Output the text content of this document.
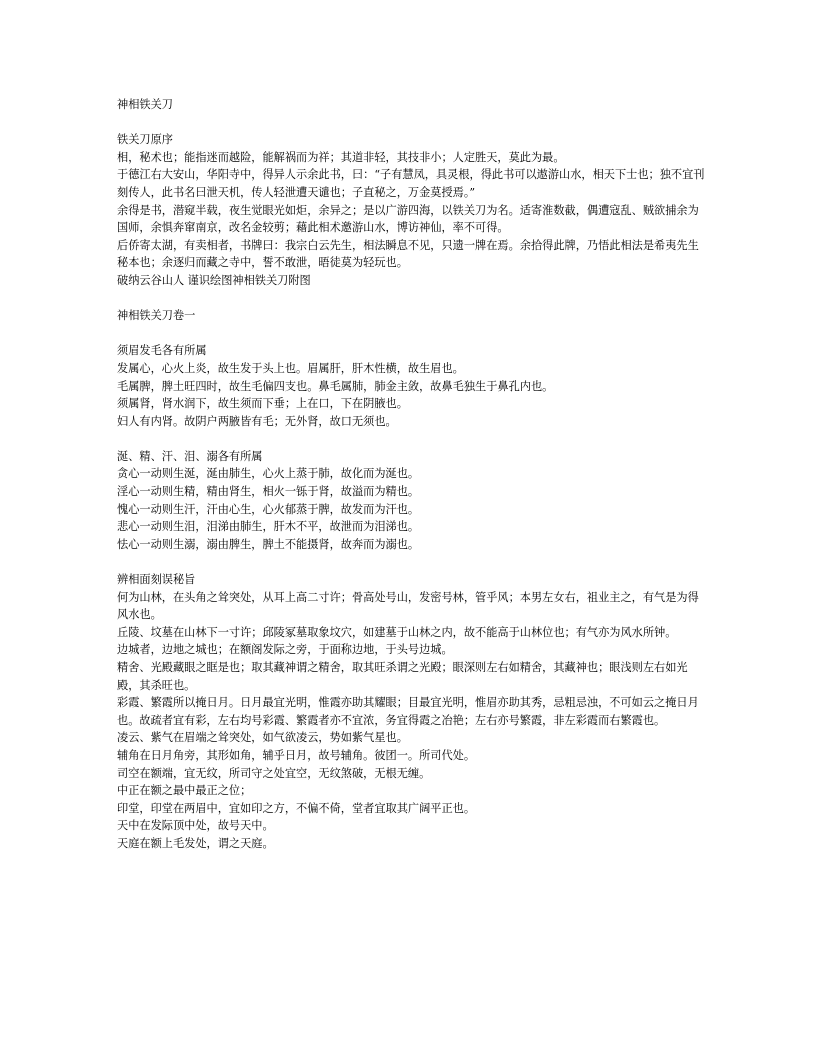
神相铁关刀

铁关刀原序
相，秘术也；能指迷而越险，能解祸而为祥；其道非轻，其技非小；人定胜天，莫此为最。
于德江右大安山，华阳寺中，得异人示余此书，曰：“子有慧凤，具灵根，得此书可以遨游山水，相天下士也；独不宜刊刻传人，此书名曰泄天机，传人轻泄遭天谴也；子直秘之，万金莫授焉。”
余得是书，潜窥半载，夜生觉眼光如炬，余异之；是以广游四海，以铁关刀为名。适寄淮数截，偶遭寇乱、贼欲捕余为国师，余惧奔窜南京，改名金较剪；藉此相术邀游山水，博访神仙，率不可得。
后侨寄太湖，有卖相者，书牌曰：我宗白云先生，相法瞬息不见，只遗一牌在焉。余拾得此牌，乃悟此相法是希夷先生秘本也；余逐归而藏之寺中，誓不敢泄，晤徒莫为轻玩也。
破纳云谷山人 谨识绘图神相铁关刀附图

神相铁关刀卷一

须眉发毛各有所属
发属心，心火上炎，故生发于头上也。眉属肝，肝木性横，故生眉也。
毛属脾，脾土旺四时，故生毛偏四支也。鼻毛属肺，肺金主敛，故鼻毛独生于鼻孔内也。
须属肾，肾水润下，故生须而下垂；上在口，下在阴腋也。
妇人有内肾。故阴户两腋皆有毛；无外肾，故口无须也。

涎、精、汗、泪、溺各有所属
贪心一动则生涎，涎由肺生，心火上蒸于肺，故化而为涎也。
淫心一动则生精，精由肾生，相火一铄于肾，故溢而为精也。
愧心一动则生汗，汗由心生，心火郁蒸于脾，故发而为汗也。
悲心一动则生泪，泪涕由肺生，肝木不平，故泄而为泪涕也。
怯心一动则生溺，溺由脾生，脾土不能摄肾，故奔而为溺也。

辨相面刻误秘旨
何为山林，在头角之耸突处，从耳上高二寸许；骨高处号山，发密号林，管乎风；本男左女右，祖业主之，有气是为得风水也。
丘陵、坟墓在山林下一寸许；邱陵冢墓取象坟穴，如建墓于山林之内，故不能高于山林位也；有气亦为风水所钟。
边城者，边地之城也；在额阁发际之旁，于面称边地，于头号边城。
精舍、光殿藏眼之眶是也；取其藏神谓之精舍，取其旺杀谓之光殿；眼深则左右如精舍，其藏神也；眼浅则左右如光殿，其杀旺也。
彩霞、繁霞所以掩日月。日月最宜光明，惟霞亦助其耀眼；目最宜光明，惟眉亦助其秀，忌粗忌浊，不可如云之掩日月也。故疏者宜有彩，左右均号彩霞、繁霞者亦不宜浓，务宜得霞之冶艳；左右亦号繁霞，非左彩霞而右繁霞也。
凌云、紫气在眉端之耸突处，如气欲凌云，势如紫气星也。
辅角在日月角旁，其形如角，辅乎日月，故号辅角。彼团一。所司代处。
司空在额端，宜无纹，所司守之处宜空，无纹煞破，无根无缠。
中正在额之最中最正之位；
印堂，印堂在两眉中，宜如印之方，不偏不倚，堂者宜取其广阔平正也。
天中在发际顶中处，故号天中。
天庭在额上毛发处，谓之天庭。
